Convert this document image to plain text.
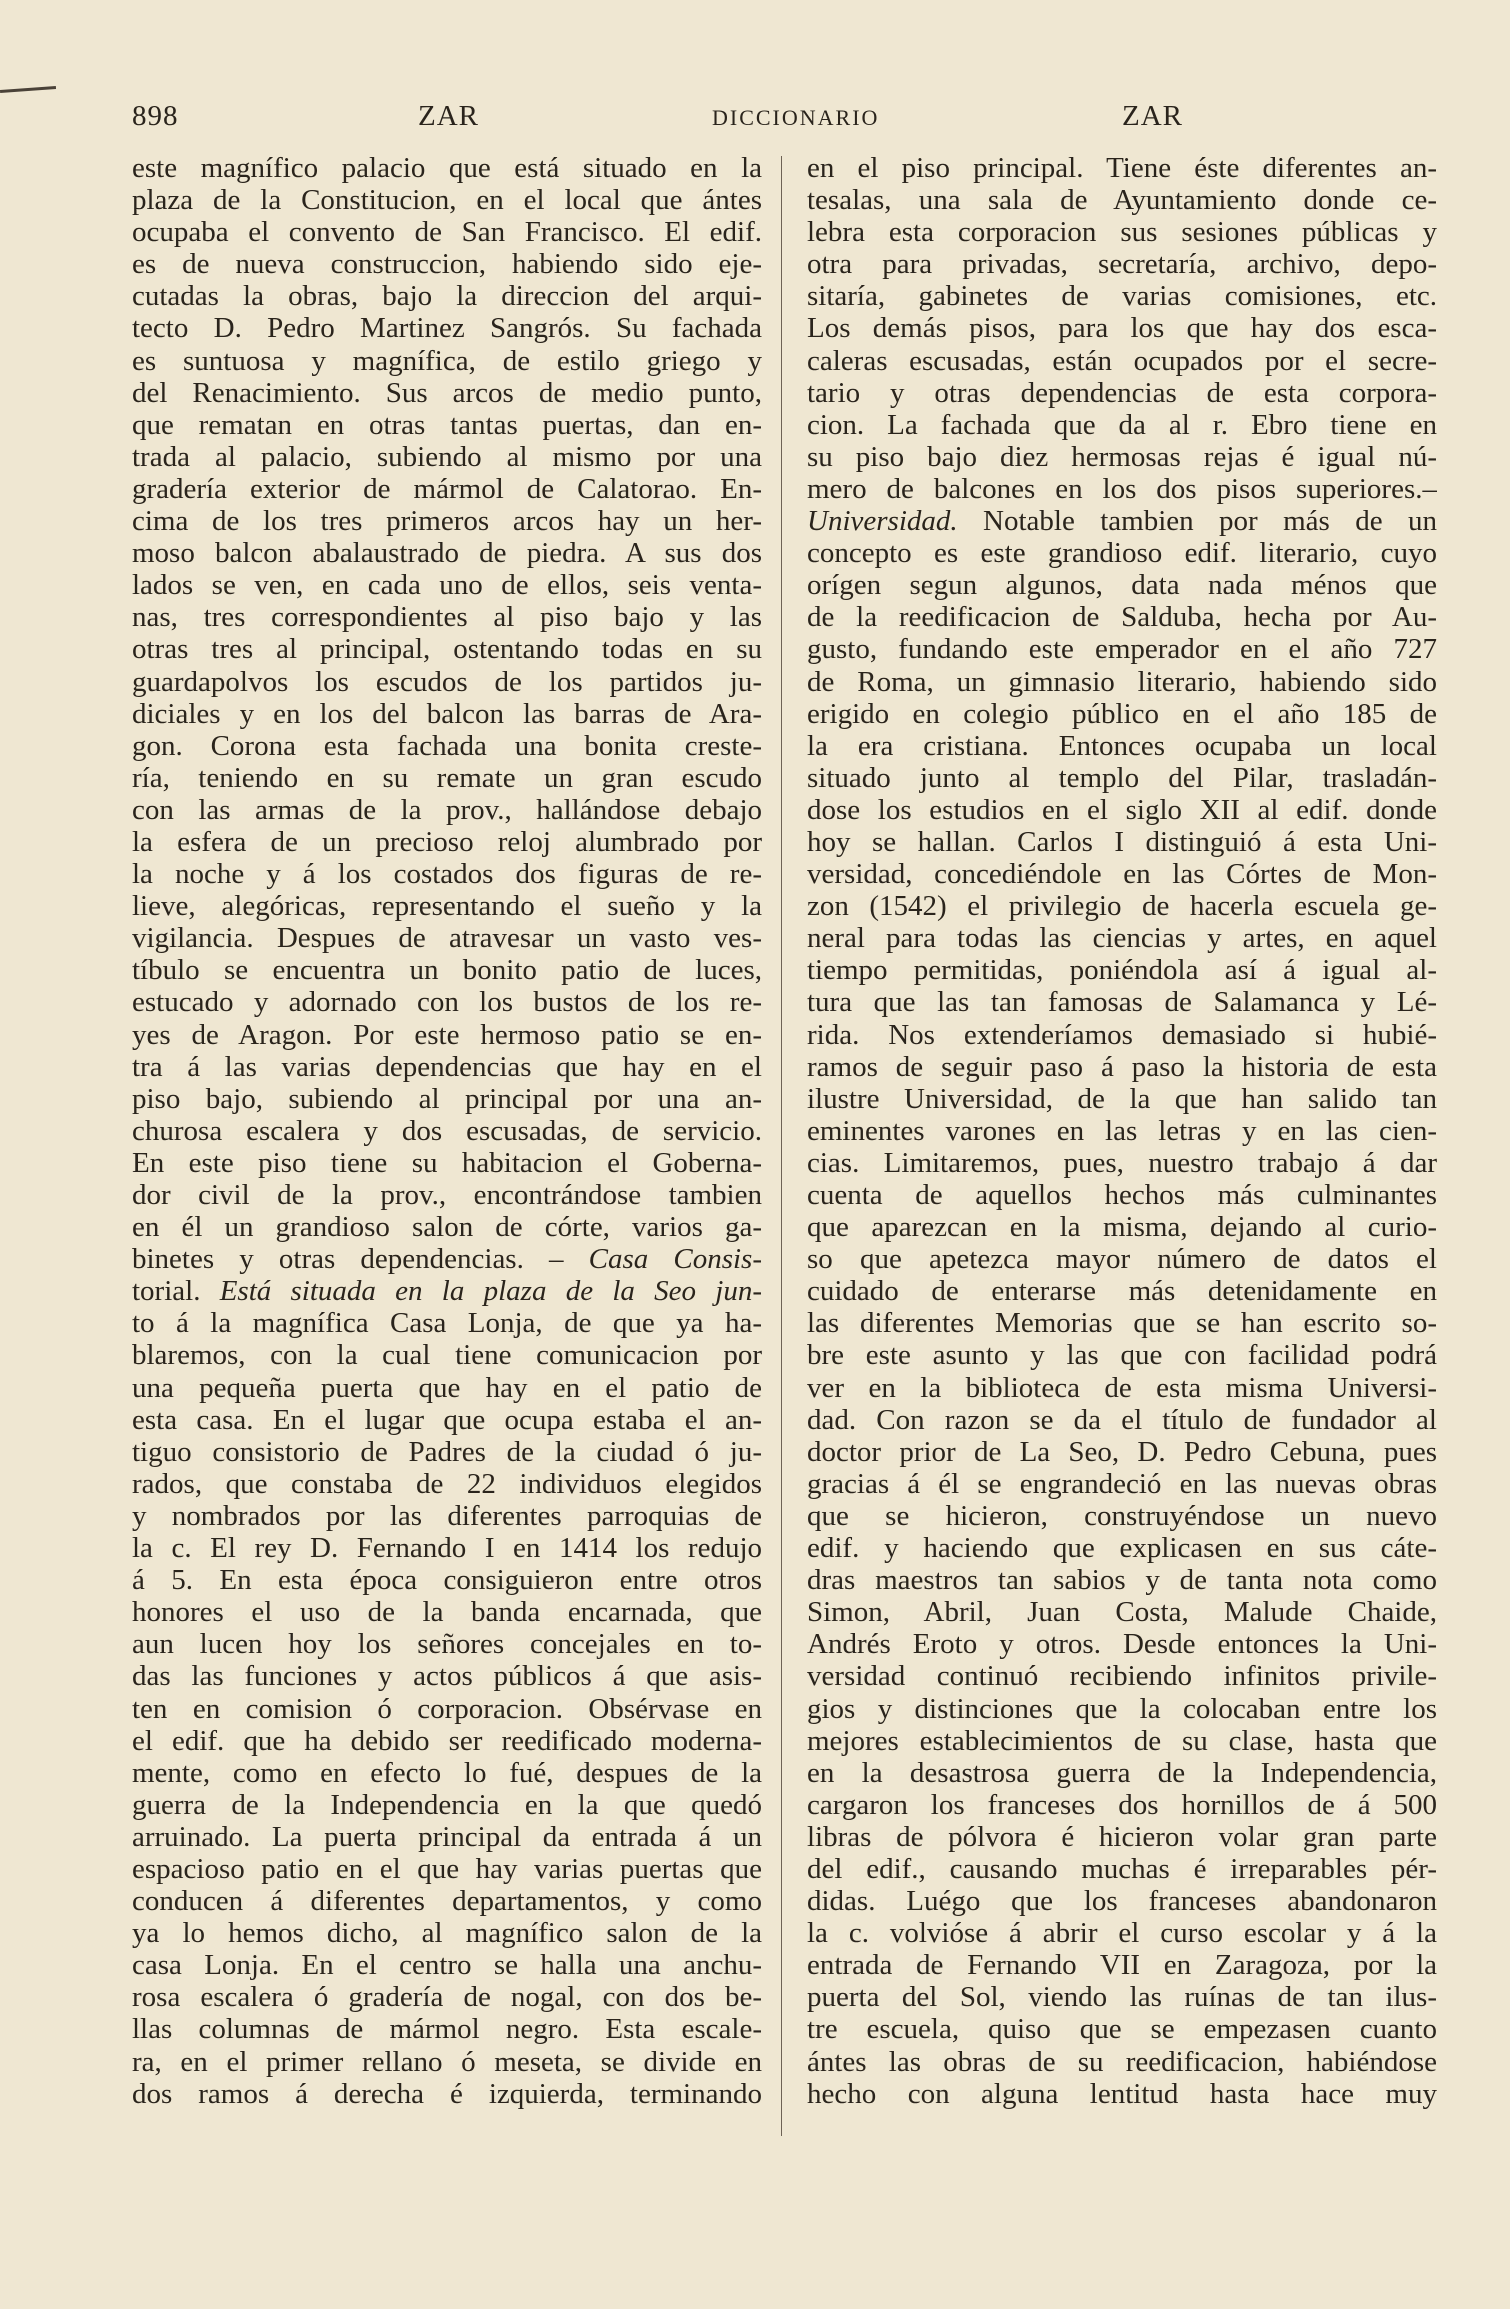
898	ZAR	DICCIONARIO	ZAR
este magnífico palacio que está situado en la
plaza de la Constitucion, en el local que ántes
ocupaba el convento de San Francisco. El edif.
es de nueva construccion, habiendo sido eje-
cutadas la obras, bajo la direccion del arqui-
tecto D. Pedro Martinez Sangrós. Su fachada
es suntuosa y magnífica, de estilo griego y
del Renacimiento. Sus arcos de medio punto,
que rematan en otras tantas puertas, dan en-
trada al palacio, subiendo al mismo por una
gradería exterior de mármol de Calatorao. En-
cima de los tres primeros arcos hay un her-
moso balcon abalaustrado de piedra. A sus dos
lados se ven, en cada uno de ellos, seis venta-
nas, tres correspondientes al piso bajo y las
otras tres al principal, ostentando todas en su
guardapolvos los escudos de los partidos ju-
diciales y en los del balcon las barras de Ara-
gon. Corona esta fachada una bonita creste-
ría, teniendo en su remate un gran escudo
con las armas de la prov., hallándose debajo
la esfera de un precioso reloj alumbrado por
la noche y á los costados dos figuras de re-
lieve, alegóricas, representando el sueño y la
vigilancia. Despues de atravesar un vasto ves-
tíbulo se encuentra un bonito patio de luces,
estucado y adornado con los bustos de los re-
yes de Aragon. Por este hermoso patio se en-
tra á las varias dependencias que hay en el
piso bajo, subiendo al principal por una an-
churosa escalera y dos escusadas, de servicio.
En este piso tiene su habitacion el Goberna-
dor civil de la prov., encontrándose tambien
en él un grandioso salon de córte, varios ga-
binetes y otras dependencias. – Casa Consis-
torial. Está situada en la plaza de la Seo jun-
to á la magnífica Casa Lonja, de que ya ha-
blaremos, con la cual tiene comunicacion por
una pequeña puerta que hay en el patio de
esta casa. En el lugar que ocupa estaba el an-
tiguo consistorio de Padres de la ciudad ó ju-
rados, que constaba de 22 individuos elegidos
y nombrados por las diferentes parroquias de
la c. El rey D. Fernando I en 1414 los redujo
á 5. En esta época consiguieron entre otros
honores el uso de la banda encarnada, que
aun lucen hoy los señores concejales en to-
das las funciones y actos públicos á que asis-
ten en comision ó corporacion. Obsérvase en
el edif. que ha debido ser reedificado moderna-
mente, como en efecto lo fué, despues de la
guerra de la Independencia en la que quedó
arruinado. La puerta principal da entrada á un
espacioso patio en el que hay varias puertas que
conducen á diferentes departamentos, y como
ya lo hemos dicho, al magnífico salon de la
casa Lonja. En el centro se halla una anchu-
rosa escalera ó gradería de nogal, con dos be-
llas columnas de mármol negro. Esta escale-
ra, en el primer rellano ó meseta, se divide en
dos ramos á derecha é izquierda, terminando
en el piso principal. Tiene éste diferentes an-
tesalas, una sala de Ayuntamiento donde ce-
lebra esta corporacion sus sesiones públicas y
otra para privadas, secretaría, archivo, depo-
sitaría, gabinetes de varias comisiones, etc.
Los demás pisos, para los que hay dos esca-
caleras escusadas, están ocupados por el secre-
tario y otras dependencias de esta corpora-
cion. La fachada que da al r. Ebro tiene en
su piso bajo diez hermosas rejas é igual nú-
mero de balcones en los dos pisos superiores.–
Universidad. Notable tambien por más de un
concepto es este grandioso edif. literario, cuyo
orígen segun algunos, data nada ménos que
de la reedificacion de Salduba, hecha por Au-
gusto, fundando este emperador en el año 727
de Roma, un gimnasio literario, habiendo sido
erigido en colegio público en el año 185 de
la era cristiana. Entonces ocupaba un local
situado junto al templo del Pilar, trasladán-
dose los estudios en el siglo XII al edif. donde
hoy se hallan. Carlos I distinguió á esta Uni-
versidad, concediéndole en las Córtes de Mon-
zon (1542) el privilegio de hacerla escuela ge-
neral para todas las ciencias y artes, en aquel
tiempo permitidas, poniéndola así á igual al-
tura que las tan famosas de Salamanca y Lé-
rida. Nos extenderíamos demasiado si hubié-
ramos de seguir paso á paso la historia de esta
ilustre Universidad, de la que han salido tan
eminentes varones en las letras y en las cien-
cias. Limitaremos, pues, nuestro trabajo á dar
cuenta de aquellos hechos más culminantes
que aparezcan en la misma, dejando al curio-
so que apetezca mayor número de datos el
cuidado de enterarse más detenidamente en
las diferentes Memorias que se han escrito so-
bre este asunto y las que con facilidad podrá
ver en la biblioteca de esta misma Universi-
dad. Con razon se da el título de fundador al
doctor prior de La Seo, D. Pedro Cebuna, pues
gracias á él se engrandeció en las nuevas obras
que se hicieron, construyéndose un nuevo
edif. y haciendo que explicasen en sus cáte-
dras maestros tan sabios y de tanta nota como
Simon, Abril, Juan Costa, Malude Chaide,
Andrés Eroto y otros. Desde entonces la Uni-
versidad continuó recibiendo infinitos privile-
gios y distinciones que la colocaban entre los
mejores establecimientos de su clase, hasta que
en la desastrosa guerra de la Independencia,
cargaron los franceses dos hornillos de á 500
libras de pólvora é hicieron volar gran parte
del edif., causando muchas é irreparables pér-
didas. Luégo que los franceses abandonaron
la c. volvióse á abrir el curso escolar y á la
entrada de Fernando VII en Zaragoza, por la
puerta del Sol, viendo las ruínas de tan ilus-
tre escuela, quiso que se empezasen cuanto
ántes las obras de su reedificacion, habiéndose
hecho con alguna lentitud hasta hace muy
